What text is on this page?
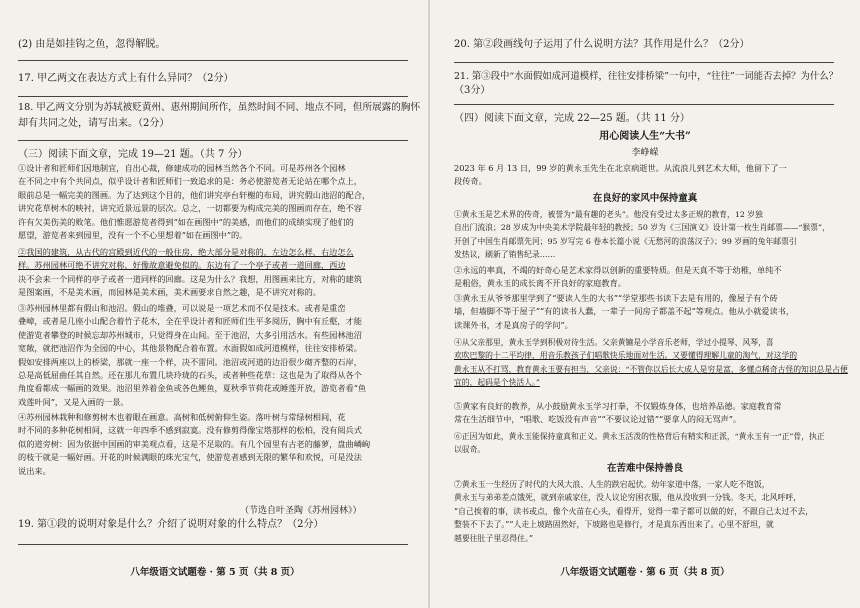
(2) 由是如挂钩之鱼，忽得解脱。
17. 甲乙两文在表达方式上有什么异同？（2分）
18. 甲乙两文分别为苏轼被贬黄州、惠州期间所作，虽然时间不同、地点不同，但所展露的胸怀
却有共同之处，请写出来。（2分）
（三）阅读下面文章，完成 19—21 题。（共 7 分）
①设计者和匠师们因地制宜，自出心裁，修建成功的园林当然各个不同。可是苏州各个园林
在不同之中有个共同点，似乎设计者和匠师们一致追求的是：务必使游览者无论站在哪个点上，
眼前总是一幅完美的图画。为了达到这个目的，他们讲究亭台轩榭的布局，讲究假山池沼的配合，
讲究花草树木的映衬，讲究近景远景的层次。总之，一切都要为构成完美的图画而存在，绝不容
许有欠美伤美的败笔。他们惟愿游览者得到“如在画图中”的美感，而他们的成绩实现了他们的
愿望，游览者来到园里，没有一个不心里想着“如在画图中”的。
②我国的建筑，从古代的宫殿到近代的一般住房，绝大部分是对称的，左边怎么样，右边怎么
样。苏州园林可绝不讲究对称，好像故意避免似的。东边有了一个亭子或者一道回廊，西边
决不会来一个同样的亭子或者一道同样的回廊。这是为什么？我想，用图画来比方，对称的建筑
是图案画，不是美术画，而园林是美术画，美术画要求自然之趣，是不讲究对称的。
③苏州园林里都有假山和池沼。假山的堆叠，可以说是一项艺术而不仅是技术。或者是重峦
叠嶂，或者是几座小山配合着竹子花木，全在乎设计者和匠师们生平多阅历，胸中有丘壑，才能
使游览者攀登的时候忘却苏州城市，只觉得身在山间。至于池沼，大多引用活水。有些园林池沼
宽敞，就把池沼作为全园的中心，其他景物配合着布置。水面假如成河道模样，往往安排桥梁。
假如安排两座以上的桥梁，那就一座一个样，决不雷同。池沼或河道的边沿很少砌齐整的石岸，
总是高低屈曲任其自然。还在那儿布置几块玲珑的石头，或者种些花草：这也是为了取得从各个
角度看都成一幅画的效果。池沼里养着金鱼或各色鲤鱼，夏秋季节荷花或睡莲开放，游览者看“鱼
戏莲叶间”，又是入画的一景。
④苏州园林栽种和修剪树木也着眼在画意。高树和低树俯仰生姿。落叶树与常绿树相间，花
时不同的多种花树相间，这就一年四季不感到寂寞。没有修剪得像宝塔那样的松柏，没有阅兵式
似的道旁树：因为依据中国画的审美观点看，这是不足取的。有几个园里有古老的藤萝，盘曲嶙峋
的枝干就是一幅好画。开花的时候满眼的珠光宝气，使游览者感到无限的繁华和欢悦，可是没法
说出来。
（节选自叶圣陶《苏州园林》）
19. 第①段的说明对象是什么？介绍了说明对象的什么特点？（2分）
八年级语文试题卷 · 第 5 页（共 8 页）
20. 第②段画线句子运用了什么说明方法？其作用是什么？（2分）
21. 第③段中“水面假如成河道模样，往往安排桥梁”一句中，“往往”一词能否去掉？为什么？
（3分）
（四）阅读下面文章，完成 22—25 题。（共 11 分）
用心阅读人生“大书”
李峥嵘
2023 年 6 月 13 日，99 岁的黄永玉先生在北京病逝世。从流浪儿到艺术大师，他留下了一
段传奇。
在良好的家风中保持童真
①黄永玉是艺术界的传奇，被誉为“最有趣的老头”。他没有受过太多正规的教育，12 岁独
自出门流浪；28 岁成为中央美术学院最年轻的教授；50 岁为《三国演义》设计第一枚生肖邮票——“猴票”，
开创了中国生肖邮票先河；95 岁写完 6 卷本长篇小说《无愁河的浪荡汉子》；99 岁画的兔年邮票引
发热议，刷新了销售纪录……
②永远的率真，不竭的好奇心是艺术家得以创新的重要特质。但是天真不等于幼稚，单纯不
是粗俗，黄永玉的成长离不开良好的家庭教育。
③黄永玉从爷爷那里学到了“要读人生的大书”“学堂那些书读下去是有用的，像屋子有个砖
墙，但墙脚不等于屋子”“有的读书人蠢，一辈子一间房子都盖不起”等观点。他从小就爱读书，
读课外书，才是真房子的学问”。
④从父亲那里，黄永玉学到积极对待生活。父亲黄镳是小学音乐老师，学过小提琴、风琴，喜
欢吹巴黎的十二平均律，用音乐教孩子们唱歌快乐地面对生活。又要懂得理解儿童的淘气，对这学的
黄永玉从不打骂，教育黄永玉要有担当，父亲说：“不管你以后长大成人是穷是富，多懂点稀奇古怪的知识总是占便
宜的，起码是个快活人。”
⑤黄家有良好的教养，从小鼓励黄永玉学习打拳，不仅锻炼身体，也培养品德。家庭教育常
常在生活细节中，“唱歌、吃饭没有声音”“不要议论过错”“要拿人的闷无骂声”。
⑥正因为如此，黄永玉能保持童真和正义。黄永玉活泼的性格背后有精实和正派，“黄永玉有一“正”骨，执正
以驭奇。
在苦难中保持善良
⑦黄永玉一生经历了时代的大风大浪、人生的跌宕起伏。幼年家道中落，一家人吃不饱饭，
黄永玉与弟弟差点饿死，就到亲戚家住，没人议论穷困衣服，他从没收到一分钱。冬天，北风呼呼，
“自己挨着的事，读书或点，像个火苗在心头，看得开，觉得一辈子都可以做的好，不跟自己太过不去，
整装不下去了。”“人走上坡路固然好，下坡路也是修行，才是真东西出来了。心里不舒坦，就
越要往肚子里忍得住。”
八年级语文试题卷 · 第 6 页（共 8 页）
